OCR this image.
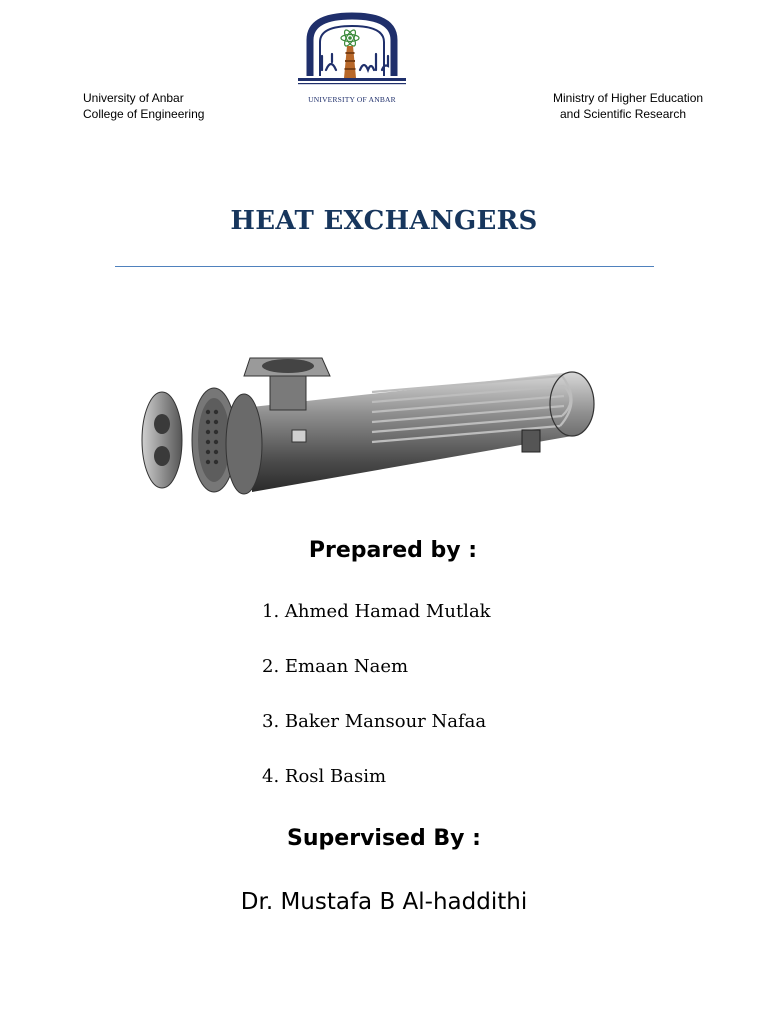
University of Anbar
College of Engineering
UNIVERSITY OF ANBAR	Ministry of Higher Education
and Scientific Research
HEAT EXCHANGERS
Prepared by :
1. Ahmed Hamad Mutlak
2. Emaan Naem
3. Baker Mansour Nafaa
4. Rosl Basim
Supervised By :
Dr. Mustafa B Al-haddithi
